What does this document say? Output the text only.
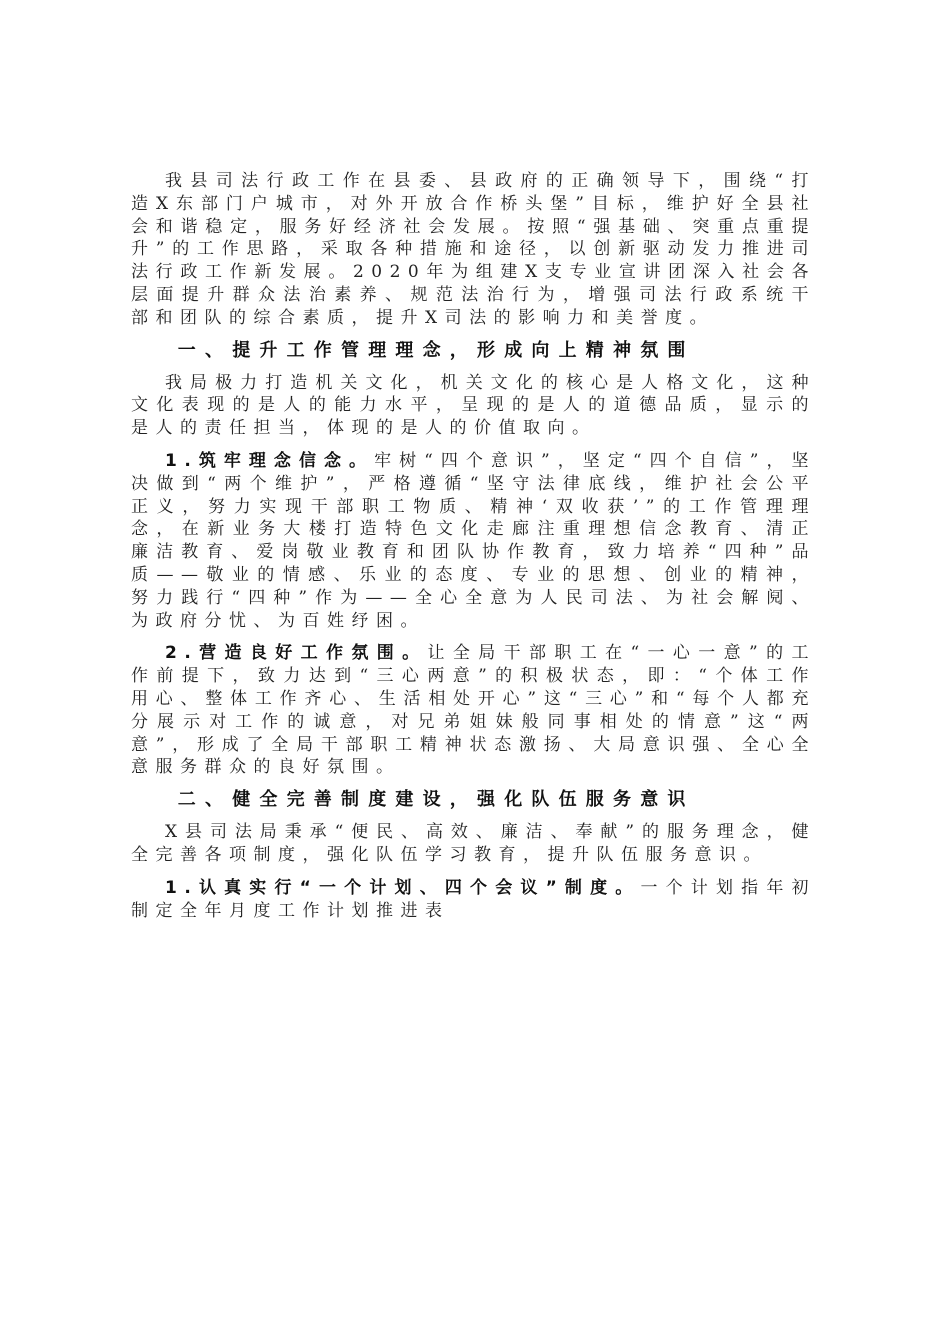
我县司法行政工作在县委、县政府的正确领导下，围绕“打造X东部门户城市，对外开放合作桥头堡”目标，维护好全县社会和谐稳定，服务好经济社会发展。按照“强基础、突重点重提升”的工作思路，采取各种措施和途径，以创新驱动发力推进司法行政工作新发展。2020年为组建X支专业宣讲团深入社会各层面提升群众法治素养、规范法治行为，增强司法行政系统干部和团队的综合素质，提升X司法的影响力和美誉度。

一、提升工作管理理念，形成向上精神氛围

我局极力打造机关文化，机关文化的核心是人格文化，这种文化表现的是人的能力水平，呈现的是人的道德品质，显示的是人的责任担当，体现的是人的价值取向。

1.筑牢理念信念。牢树“四个意识”，坚定“四个自信”，坚决做到“两个维护”，严格遵循“坚守法律底线，维护社会公平正义，努力实现干部职工物质、精神‘双收获’”的工作管理理念，在新业务大楼打造特色文化走廊注重理想信念教育、清正廉洁教育、爱岗敬业教育和团队协作教育，致力培养“四种”品质——敬业的情感、乐业的态度、专业的思想、创业的精神，努力践行“四种”作为——全心全意为人民司法、为社会解阋、为政府分忧、为百姓纾困。

2.营造良好工作氛围。让全局干部职工在“一心一意”的工作前提下，致力达到“三心两意”的积极状态，即：“个体工作用心、整体工作齐心、生活相处开心”这“三心”和“每个人都充分展示对工作的诚意，对兄弟姐妹般同事相处的情意”这“两意”，形成了全局干部职工精神状态激扬、大局意识强、全心全意服务群众的良好氛围。

二、健全完善制度建设，强化队伍服务意识

X县司法局秉承“便民、高效、廉洁、奉献”的服务理念，健全完善各项制度，强化队伍学习教育，提升队伍服务意识。

1.认真实行“一个计划、四个会议”制度。一个计划指年初制定全年月度工作计划推进表
